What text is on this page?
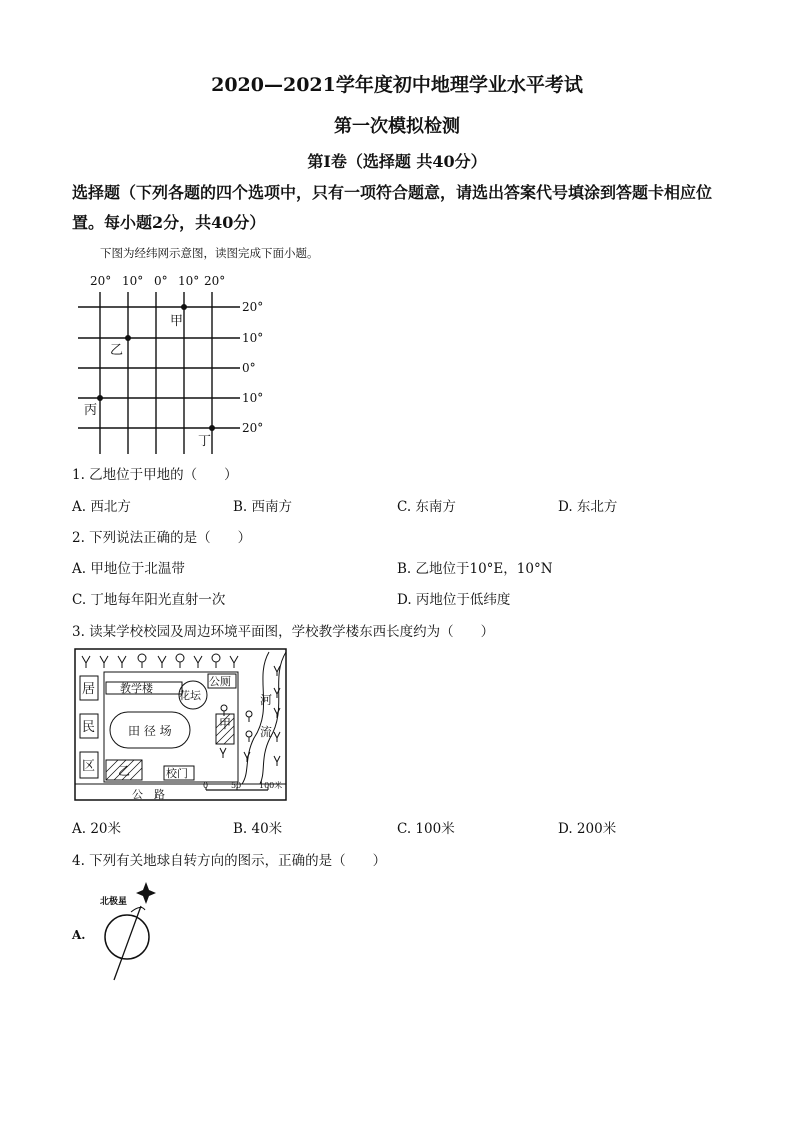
2020—2021学年度初中地理学业水平考试
第一次模拟检测
第Ⅰ卷（选择题 共40分）
选择题（下列各题的四个选项中，只有一项符合题意，请选出答案代号填涂到答题卡相应位
置。每小题2分，共40分）
下图为经纬网示意图，读图完成下面小题。
20° 10° 0° 10° 20°
20°
10°
0°
10°
20°
甲
乙
丙
丁
1. 乙地位于甲地的（　　）
A. 西北方	B. 西南方	C. 东南方	D. 东北方
2. 下列说法正确的是（　　）
A. 甲地位于北温带	B. 乙地位于10°E，10°N
C. 丁地每年阳光直射一次	D. 丙地位于低纬度
3. 读某学校校园及周边环境平面图，学校教学楼东西长度约为（　　）
居
民
区
教学楼
花坛
公厕
田 径 场	甲
乙	校门
河
流
公　路
0	50 100米
A. 20米	B. 40米	C. 100米	D. 200米
4. 下列有关地球自转方向的图示，正确的是（　　）
A.
北极星
